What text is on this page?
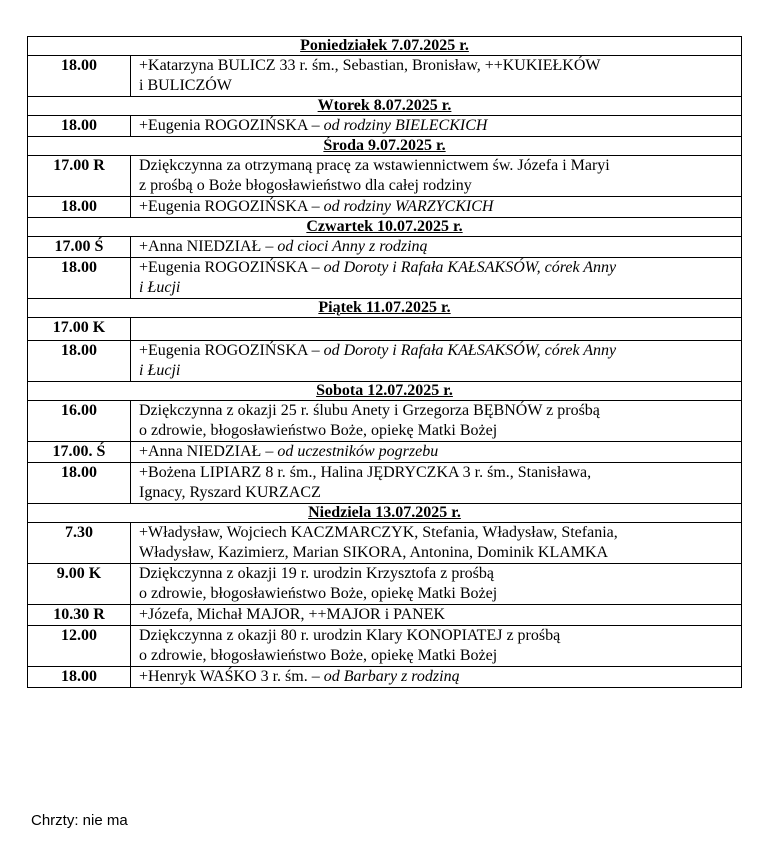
Poniedziałek 7.07.2025 r.	
18.00	+Katarzyna BULICZ 33 r. śm., Sebastian, Bronisław, ++KUKIEŁKÓW
i BULICZÓW

Wtorek 8.07.2025 r.	
18.00	+Eugenia ROGOZIŃSKA – od rodziny BIELECKICH
Środa 9.07.2025 r.	
17.00 R	Dziękczynna za otrzymaną pracę za wstawiennictwem św. Józefa i Maryi
z prośbą o Boże błogosławieństwo dla całej rodziny

18.00	+Eugenia ROGOZIŃSKA – od rodziny WARZYCKICH
Czwartek 10.07.2025 r.	
17.00 Ś	+Anna NIEDZIAŁ – od cioci Anny z rodziną
18.00	+Eugenia ROGOZIŃSKA – od Doroty i Rafała KAŁSAKSÓW, córek Anny
i Łucji

Piątek 11.07.2025 r.	
17.00 K	
18.00	+Eugenia ROGOZIŃSKA – od Doroty i Rafała KAŁSAKSÓW, córek Anny
i Łucji

Sobota 12.07.2025 r.	
16.00	Dziękczynna z okazji 25 r. ślubu Anety i Grzegorza BĘBNÓW z prośbą
o zdrowie, błogosławieństwo Boże, opiekę Matki Bożej

17.00. Ś	+Anna NIEDZIAŁ – od uczestników pogrzebu
18.00	+Bożena LIPIARZ 8 r. śm., Halina JĘDRYCZKA 3 r. śm., Stanisława,
Ignacy, Ryszard KURZACZ

Niedziela 13.07.2025 r.	
7.30	+Władysław, Wojciech KACZMARCZYK, Stefania, Władysław, Stefania,
Władysław, Kazimierz, Marian SIKORA, Antonina, Dominik KLAMKA

9.00 K	Dziękczynna z okazji 19 r. urodzin Krzysztofa z prośbą
o zdrowie, błogosławieństwo Boże, opiekę Matki Bożej

10.30 R	+Józefa, Michał MAJOR, ++MAJOR i PANEK
12.00	Dziękczynna z okazji 80 r. urodzin Klary KONOPIATEJ z prośbą
o zdrowie, błogosławieństwo Boże, opiekę Matki Bożej

18.00	+Henryk WAŚKO 3 r. śm. – od Barbary z rodziną
Chrzty: nie ma
